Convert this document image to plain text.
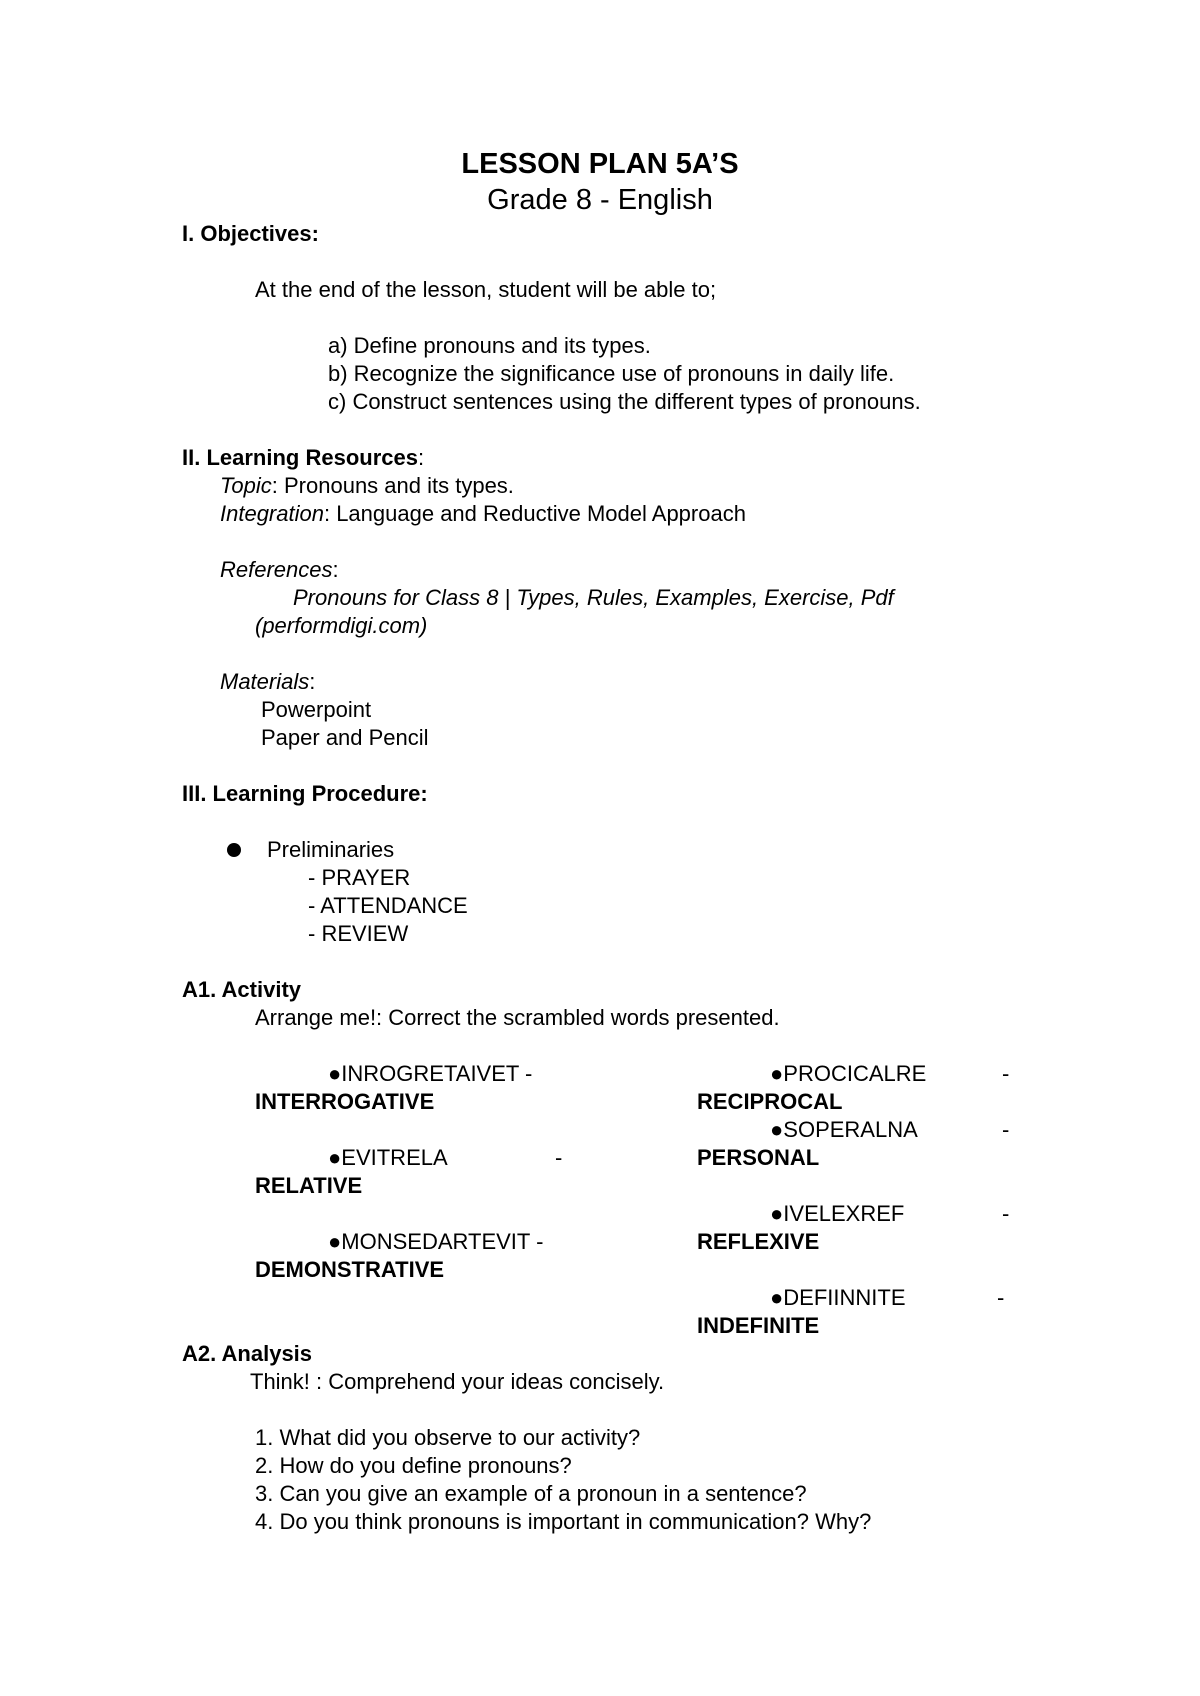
LESSON PLAN 5A’S
Grade 8 - English
I. Objectives:
At the end of the lesson, student will be able to;
a) Define pronouns and its types.
b) Recognize the significance use of pronouns in daily life.
c) Construct sentences using the different types of pronouns.
II. Learning Resources:
Topic: Pronouns and its types.
Integration: Language and Reductive Model Approach
References:
Pronouns for Class 8 | Types, Rules, Examples, Exercise, Pdf
(performdigi.com)
Materials:
Powerpoint
Paper and Pencil
III. Learning Procedure:
Preliminaries
- PRAYER
- ATTENDANCE
- REVIEW
A1. Activity
Arrange me!: Correct the scrambled words presented.
●INROGRETAIVET -
INTERROGATIVE
●EVITRELA	-
RELATIVE
●MONSEDARTEVIT -
DEMONSTRATIVE
●PROCICALRE	-
RECIPROCAL
●SOPERALNA	-
PERSONAL
●IVELEXREF	-
REFLEXIVE
●DEFIINNITE	-
INDEFINITE
A2. Analysis
Think! : Comprehend your ideas concisely.
1. What did you observe to our activity?
2. How do you define pronouns?
3. Can you give an example of a pronoun in a sentence?
4. Do you think pronouns is important in communication? Why?
